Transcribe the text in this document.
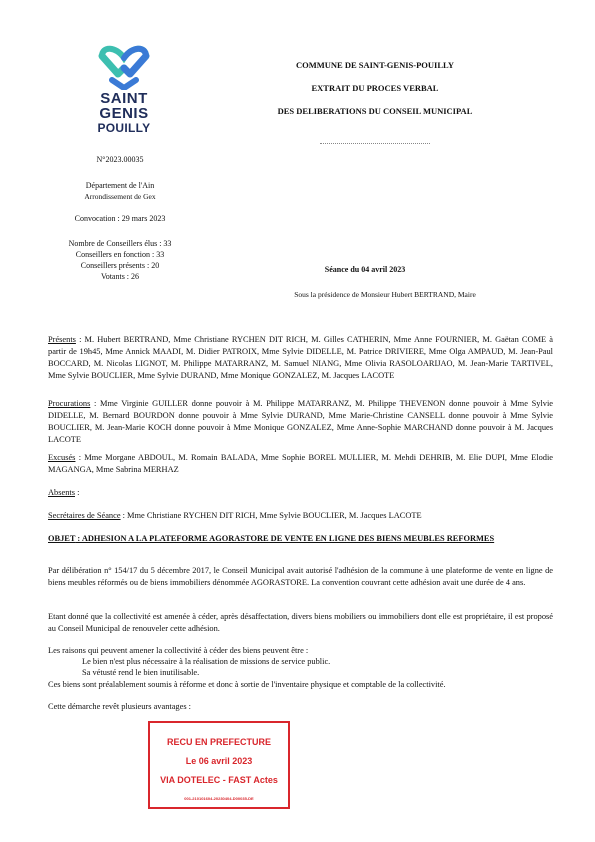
SAINT
GENIS
POUILLY
COMMUNE DE SAINT-GENIS-POUILLY
EXTRAIT DU PROCES VERBAL
DES DELIBERATIONS DU CONSEIL MUNICIPAL
N°2023.00035
Département de l'Ain
Arrondissement de Gex
Convocation : 29 mars 2023
Nombre de Conseillers élus : 33
Conseillers en fonction : 33
Conseillers présents : 20
Votants : 26
Séance du 04 avril 2023
Sous la présidence de Monsieur Hubert BERTRAND, Maire
Présents : M. Hubert BERTRAND, Mme Christiane RYCHEN DIT RICH, M. Gilles CATHERIN, Mme Anne FOURNIER, M. Gaëtan COME à partir de 19h45, Mme Annick MAADI, M. Didier PATROIX, Mme Sylvie DIDELLE, M. Patrice DRIVIERE, Mme Olga AMPAUD, M. Jean-Paul BOCCARD, M. Nicolas LIGNOT, M. Philippe MATARRANZ, M. Samuel NIANG, Mme Olivia RASOLOARIJAO, M. Jean-Marie TARTIVEL, Mme Sylvie BOUCLIER, Mme Sylvie DURAND, Mme Monique GONZALEZ, M. Jacques LACOTE
Procurations : Mme Virginie GUILLER donne pouvoir à M. Philippe MATARRANZ, M. Philippe THEVENON donne pouvoir à Mme Sylvie DIDELLE, M. Bernard BOURDON donne pouvoir à Mme Sylvie DURAND, Mme Marie-Christine CANSELL donne pouvoir à Mme Sylvie BOUCLIER, M. Jean-Marie KOCH donne pouvoir à Mme Monique GONZALEZ, Mme Anne-Sophie MARCHAND donne pouvoir à M. Jacques LACOTE
Excusés : Mme Morgane ABDOUL, M. Romain BALADA, Mme Sophie BOREL MULLIER, M. Mehdi DEHRIB, M. Elie DUPI, Mme Elodie MAGANGA, Mme Sabrina MERHAZ
Absents :
Secrétaires de Séance : Mme Christiane RYCHEN DIT RICH, Mme Sylvie BOUCLIER, M. Jacques LACOTE
OBJET : ADHESION A LA PLATEFORME AGORASTORE DE VENTE EN LIGNE DES BIENS MEUBLES REFORMES
Par délibération n° 154/17 du 5 décembre 2017, le Conseil Municipal avait autorisé l'adhésion de la commune à une plateforme de vente en ligne de biens meubles réformés ou de biens immobiliers dénommée AGORASTORE. La convention couvrant cette adhésion avait une durée de 4 ans.
Etant donné que la collectivité est amenée à céder, après désaffectation, divers biens mobiliers ou immobiliers dont elle est propriétaire, il est proposé au Conseil Municipal de renouveler cette adhésion.
Les raisons qui peuvent amener la collectivité à céder des biens peuvent être :
Le bien n'est plus nécessaire à la réalisation de missions de service public.
Sa vétusté rend le bien inutilisable.
Ces biens sont préalablement soumis à réforme et donc à sortie de l'inventaire physique et comptable de la collectivité.
Cette démarche revêt plusieurs avantages :
RECU EN PREFECTURE
Le 06 avril 2023
VIA DOTELEC - FAST Actes
001-210101604-20230404-D00035-DE
